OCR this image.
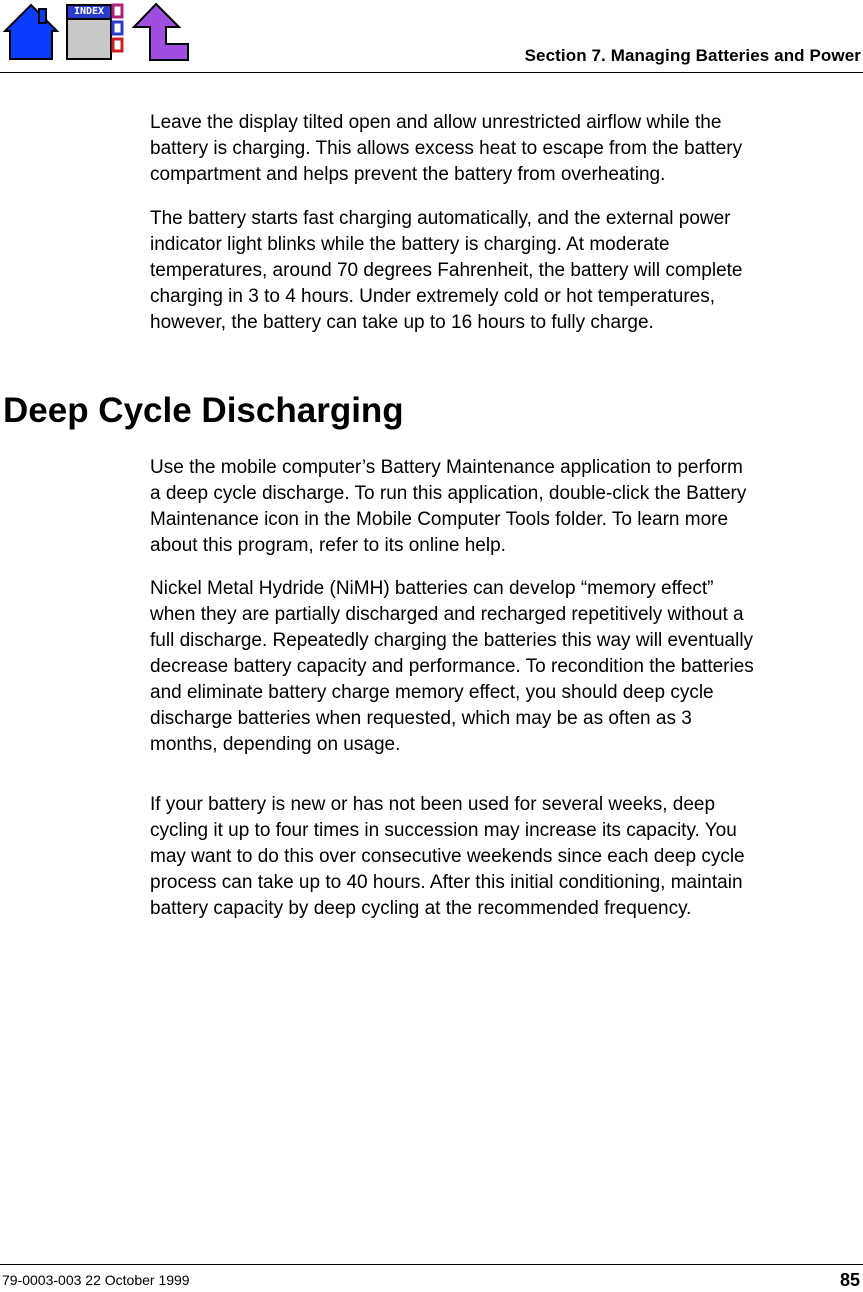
INDEX
Section 7. Managing Batteries and Power
Leave the display tilted open and allow unrestricted airflow while the
battery is charging. This allows excess heat to escape from the battery
compartment and helps prevent the battery from overheating.
The battery starts fast charging automatically, and the external power
indicator light blinks while the battery is charging. At moderate
temperatures, around 70 degrees Fahrenheit, the battery will complete
charging in 3 to 4 hours. Under extremely cold or hot temperatures,
however, the battery can take up to 16 hours to fully charge.
Deep Cycle Discharging
Use the mobile computer’s Battery Maintenance application to perform
a deep cycle discharge. To run this application, double-click the Battery
Maintenance icon in the Mobile Computer Tools folder. To learn more
about this program, refer to its online help.
Nickel Metal Hydride (NiMH) batteries can develop “memory effect”
when they are partially discharged and recharged repetitively without a
full discharge. Repeatedly charging the batteries this way will eventually
decrease battery capacity and performance. To recondition the batteries
and eliminate battery charge memory effect, you should deep cycle
discharge batteries when requested, which may be as often as 3
months, depending on usage.
If your battery is new or has not been used for several weeks, deep
cycling it up to four times in succession may increase its capacity. You
may want to do this over consecutive weekends since each deep cycle
process can take up to 40 hours. After this initial conditioning, maintain
battery capacity by deep cycling at the recommended frequency.
79-0003-003 22 October 1999	85
